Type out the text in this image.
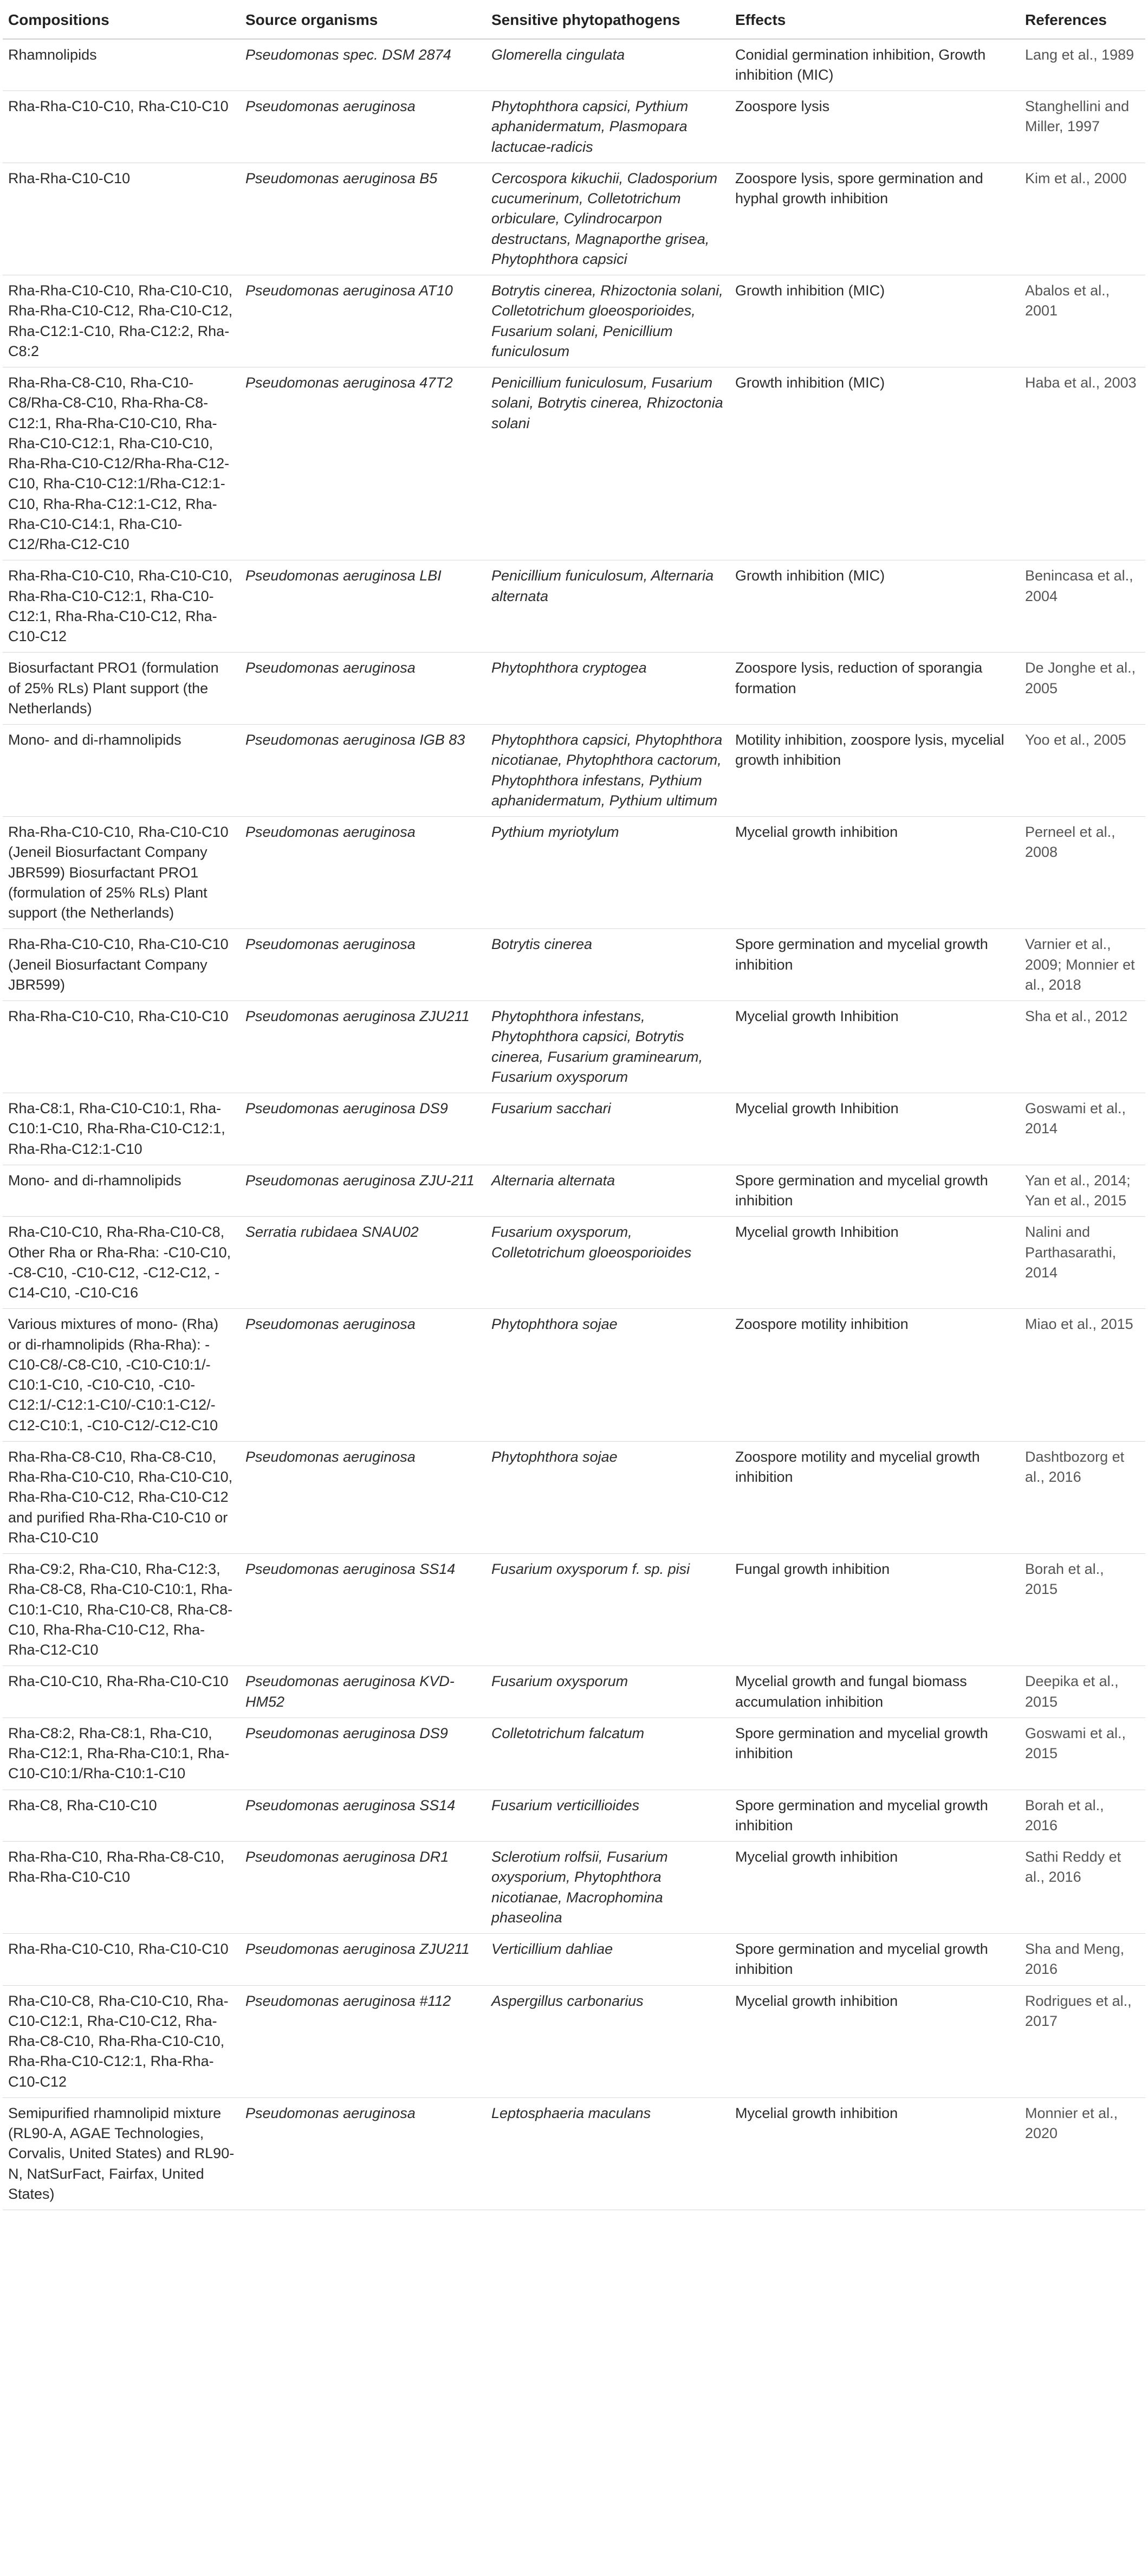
Compositions	Source organisms	Sensitive phytopathogens	Effects	References
Rhamnolipids	Pseudomonas spec. DSM 2874	Glomerella cingulata	Conidial germination inhibition, Growth inhibition (MIC)	Lang et al., 1989
Rha-Rha-C10-C10, Rha-C10-C10	Pseudomonas aeruginosa	Phytophthora capsici, Pythium aphanidermatum, Plasmopara lactucae-radicis	Zoospore lysis	Stanghellini and Miller, 1997
Rha-Rha-C10-C10	Pseudomonas aeruginosa B5	Cercospora kikuchii, Cladosporium cucumerinum, Colletotrichum orbiculare, Cylindrocarpon destructans, Magnaporthe grisea, Phytophthora capsici	Zoospore lysis, spore germination and hyphal growth inhibition	Kim et al., 2000
Rha-Rha-C10-C10, Rha-C10-C10, Rha-Rha-C10-C12, Rha-C10-C12, Rha-C12:1-C10, Rha-C12:2, Rha-C8:2	Pseudomonas aeruginosa AT10	Botrytis cinerea, Rhizoctonia solani, Colletotrichum gloeosporioides, Fusarium solani, Penicillium funiculosum	Growth inhibition (MIC)	Abalos et al., 2001
Rha-Rha-C8-C10, Rha-C10-C8/Rha-C8-C10, Rha-Rha-C8-C12:1, Rha-Rha-C10-C10, Rha-Rha-C10-C12:1, Rha-C10-C10, Rha-Rha-C10-C12/Rha-Rha-C12-C10, Rha-C10-C12:1/Rha-C12:1-C10, Rha-Rha-C12:1-C12, Rha-Rha-C10-C14:1, Rha-C10-C12/Rha-C12-C10	Pseudomonas aeruginosa 47T2	Penicillium funiculosum, Fusarium solani, Botrytis cinerea, Rhizoctonia solani	Growth inhibition (MIC)	Haba et al., 2003
Rha-Rha-C10-C10, Rha-C10-C10, Rha-Rha-C10-C12:1, Rha-C10-C12:1, Rha-Rha-C10-C12, Rha-C10-C12	Pseudomonas aeruginosa LBI	Penicillium funiculosum, Alternaria alternata	Growth inhibition (MIC)	Benincasa et al., 2004
Biosurfactant PRO1 (formulation of 25% RLs) Plant support (the Netherlands)	Pseudomonas aeruginosa	Phytophthora cryptogea	Zoospore lysis, reduction of sporangia formation	De Jonghe et al., 2005
Mono- and di-rhamnolipids	Pseudomonas aeruginosa IGB 83	Phytophthora capsici, Phytophthora nicotianae, Phytophthora cactorum, Phytophthora infestans, Pythium aphanidermatum, Pythium ultimum	Motility inhibition, zoospore lysis, mycelial growth inhibition	Yoo et al., 2005
Rha-Rha-C10-C10, Rha-C10-C10 (Jeneil Biosurfactant Company JBR599) Biosurfactant PRO1 (formulation of 25% RLs) Plant support (the Netherlands)	Pseudomonas aeruginosa	Pythium myriotylum	Mycelial growth inhibition	Perneel et al., 2008
Rha-Rha-C10-C10, Rha-C10-C10 (Jeneil Biosurfactant Company JBR599)	Pseudomonas aeruginosa	Botrytis cinerea	Spore germination and mycelial growth inhibition	Varnier et al., 2009; Monnier et al., 2018
Rha-Rha-C10-C10, Rha-C10-C10	Pseudomonas aeruginosa ZJU211	Phytophthora infestans, Phytophthora capsici, Botrytis cinerea, Fusarium graminearum, Fusarium oxysporum	Mycelial growth Inhibition	Sha et al., 2012
Rha-C8:1, Rha-C10-C10:1, Rha-C10:1-C10, Rha-Rha-C10-C12:1, Rha-Rha-C12:1-C10	Pseudomonas aeruginosa DS9	Fusarium sacchari	Mycelial growth Inhibition	Goswami et al., 2014
Mono- and di-rhamnolipids	Pseudomonas aeruginosa ZJU-211	Alternaria alternata	Spore germination and mycelial growth inhibition	Yan et al., 2014; Yan et al., 2015
Rha-C10-C10, Rha-Rha-C10-C8, Other Rha or Rha-Rha: -C10-C10, -C8-C10, -C10-C12, -C12-C12, -C14-C10, -C10-C16	Serratia rubidaea SNAU02	Fusarium oxysporum, Colletotrichum gloeosporioides	Mycelial growth Inhibition	Nalini and Parthasarathi, 2014
Various mixtures of mono- (Rha) or di-rhamnolipids (Rha-Rha): -C10-C8/-C8-C10, -C10-C10:1/-C10:1-C10, -C10-C10, -C10-C12:1/-C12:1-C10/-C10:1-C12/-C12-C10:1, -C10-C12/-C12-C10	Pseudomonas aeruginosa	Phytophthora sojae	Zoospore motility inhibition	Miao et al., 2015
Rha-Rha-C8-C10, Rha-C8-C10, Rha-Rha-C10-C10, Rha-C10-C10, Rha-Rha-C10-C12, Rha-C10-C12 and purified Rha-Rha-C10-C10 or Rha-C10-C10	Pseudomonas aeruginosa	Phytophthora sojae	Zoospore motility and mycelial growth inhibition	Dashtbozorg et al., 2016
Rha-C9:2, Rha-C10, Rha-C12:3, Rha-C8-C8, Rha-C10-C10:1, Rha-C10:1-C10, Rha-C10-C8, Rha-C8-C10, Rha-Rha-C10-C12, Rha-Rha-C12-C10	Pseudomonas aeruginosa SS14	Fusarium oxysporum f. sp. pisi	Fungal growth inhibition	Borah et al., 2015
Rha-C10-C10, Rha-Rha-C10-C10	Pseudomonas aeruginosa KVD-HM52	Fusarium oxysporum	Mycelial growth and fungal biomass accumulation inhibition	Deepika et al., 2015
Rha-C8:2, Rha-C8:1, Rha-C10, Rha-C12:1, Rha-Rha-C10:1, Rha-C10-C10:1/Rha-C10:1-C10	Pseudomonas aeruginosa DS9	Colletotrichum falcatum	Spore germination and mycelial growth inhibition	Goswami et al., 2015
Rha-C8, Rha-C10-C10	Pseudomonas aeruginosa SS14	Fusarium verticillioides	Spore germination and mycelial growth inhibition	Borah et al., 2016
Rha-Rha-C10, Rha-Rha-C8-C10, Rha-Rha-C10-C10	Pseudomonas aeruginosa DR1	Sclerotium rolfsii, Fusarium oxysporium, Phytophthora nicotianae, Macrophomina phaseolina	Mycelial growth inhibition	Sathi Reddy et al., 2016
Rha-Rha-C10-C10, Rha-C10-C10	Pseudomonas aeruginosa ZJU211	Verticillium dahliae	Spore germination and mycelial growth inhibition	Sha and Meng, 2016
Rha-C10-C8, Rha-C10-C10, Rha-C10-C12:1, Rha-C10-C12, Rha-Rha-C8-C10, Rha-Rha-C10-C10, Rha-Rha-C10-C12:1, Rha-Rha-C10-C12	Pseudomonas aeruginosa #112	Aspergillus carbonarius	Mycelial growth inhibition	Rodrigues et al., 2017
Semipurified rhamnolipid mixture (RL90-A, AGAE Technologies, Corvalis, United States) and RL90-N, NatSurFact, Fairfax, United States)	Pseudomonas aeruginosa	Leptosphaeria maculans	Mycelial growth inhibition	Monnier et al., 2020
